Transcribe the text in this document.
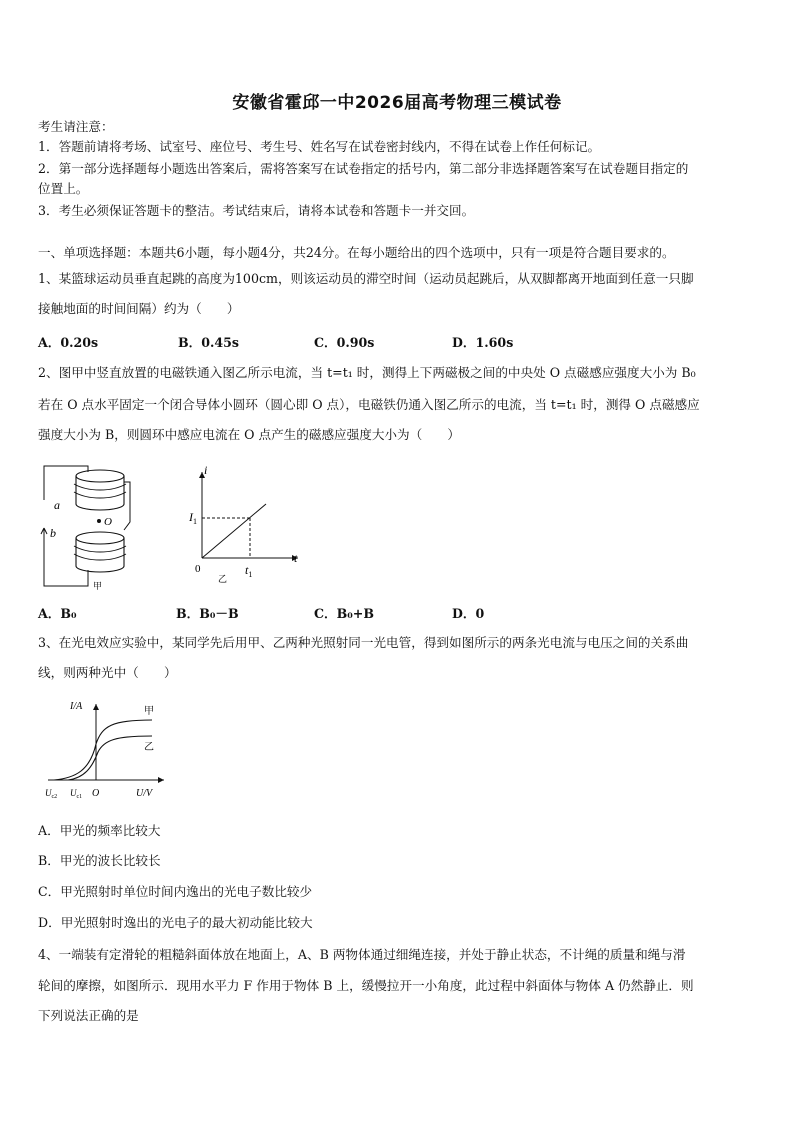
安徽省霍邱一中2026届高考物理三模试卷
考生请注意：
1．答题前请将考场、试室号、座位号、考生号、姓名写在试卷密封线内，不得在试卷上作任何标记。
2．第一部分选择题每小题选出答案后，需将答案写在试卷指定的括号内，第二部分非选择题答案写在试卷题目指定的
位置上。
3．考生必须保证答题卡的整洁。考试结束后，请将本试卷和答题卡一并交回。
一、单项选择题：本题共6小题，每小题4分，共24分。在每小题给出的四个选项中，只有一项是符合题目要求的。
1、某篮球运动员垂直起跳的高度为100cm，则该运动员的滞空时间（运动员起跳后，从双脚都离开地面到任意一只脚
接触地面的时间间隔）约为（　　）
A．0.20s	B．0.45s	C．0.90s	D．1.60s
2、图甲中竖直放置的电磁铁通入图乙所示电流，当 t=t₁ 时，测得上下两磁极之间的中央处 O 点磁感应强度大小为 B₀
若在 O 点水平固定一个闭合导体小圆环（圆心即 O 点），电磁铁仍通入图乙所示的电流，当 t=t₁ 时，测得 O 点磁感应
强度大小为 B，则圆环中感应电流在 O 点产生的磁感应强度大小为（　　）
a
b
O
甲
i
t
$I_1$
0	$t_1$
乙
A．B₀	B．B₀－B	C．B₀+B	D．0
3、在光电效应实验中，某同学先后用甲、乙两种光照射同一光电管，得到如图所示的两条光电流与电压之间的关系曲
线，则两种光中（　　）
I/A	甲
乙
$U_{c2}$ $U_{c1}$ O	U/V
A．甲光的频率比较大
B．甲光的波长比较长
C．甲光照射时单位时间内逸出的光电子数比较少
D．甲光照射时逸出的光电子的最大初动能比较大
4、一端装有定滑轮的粗糙斜面体放在地面上，A、B 两物体通过细绳连接，并处于静止状态，不计绳的质量和绳与滑
轮间的摩擦，如图所示．现用水平力 F 作用于物体 B 上，缓慢拉开一小角度，此过程中斜面体与物体 A 仍然静止．则
下列说法正确的是
